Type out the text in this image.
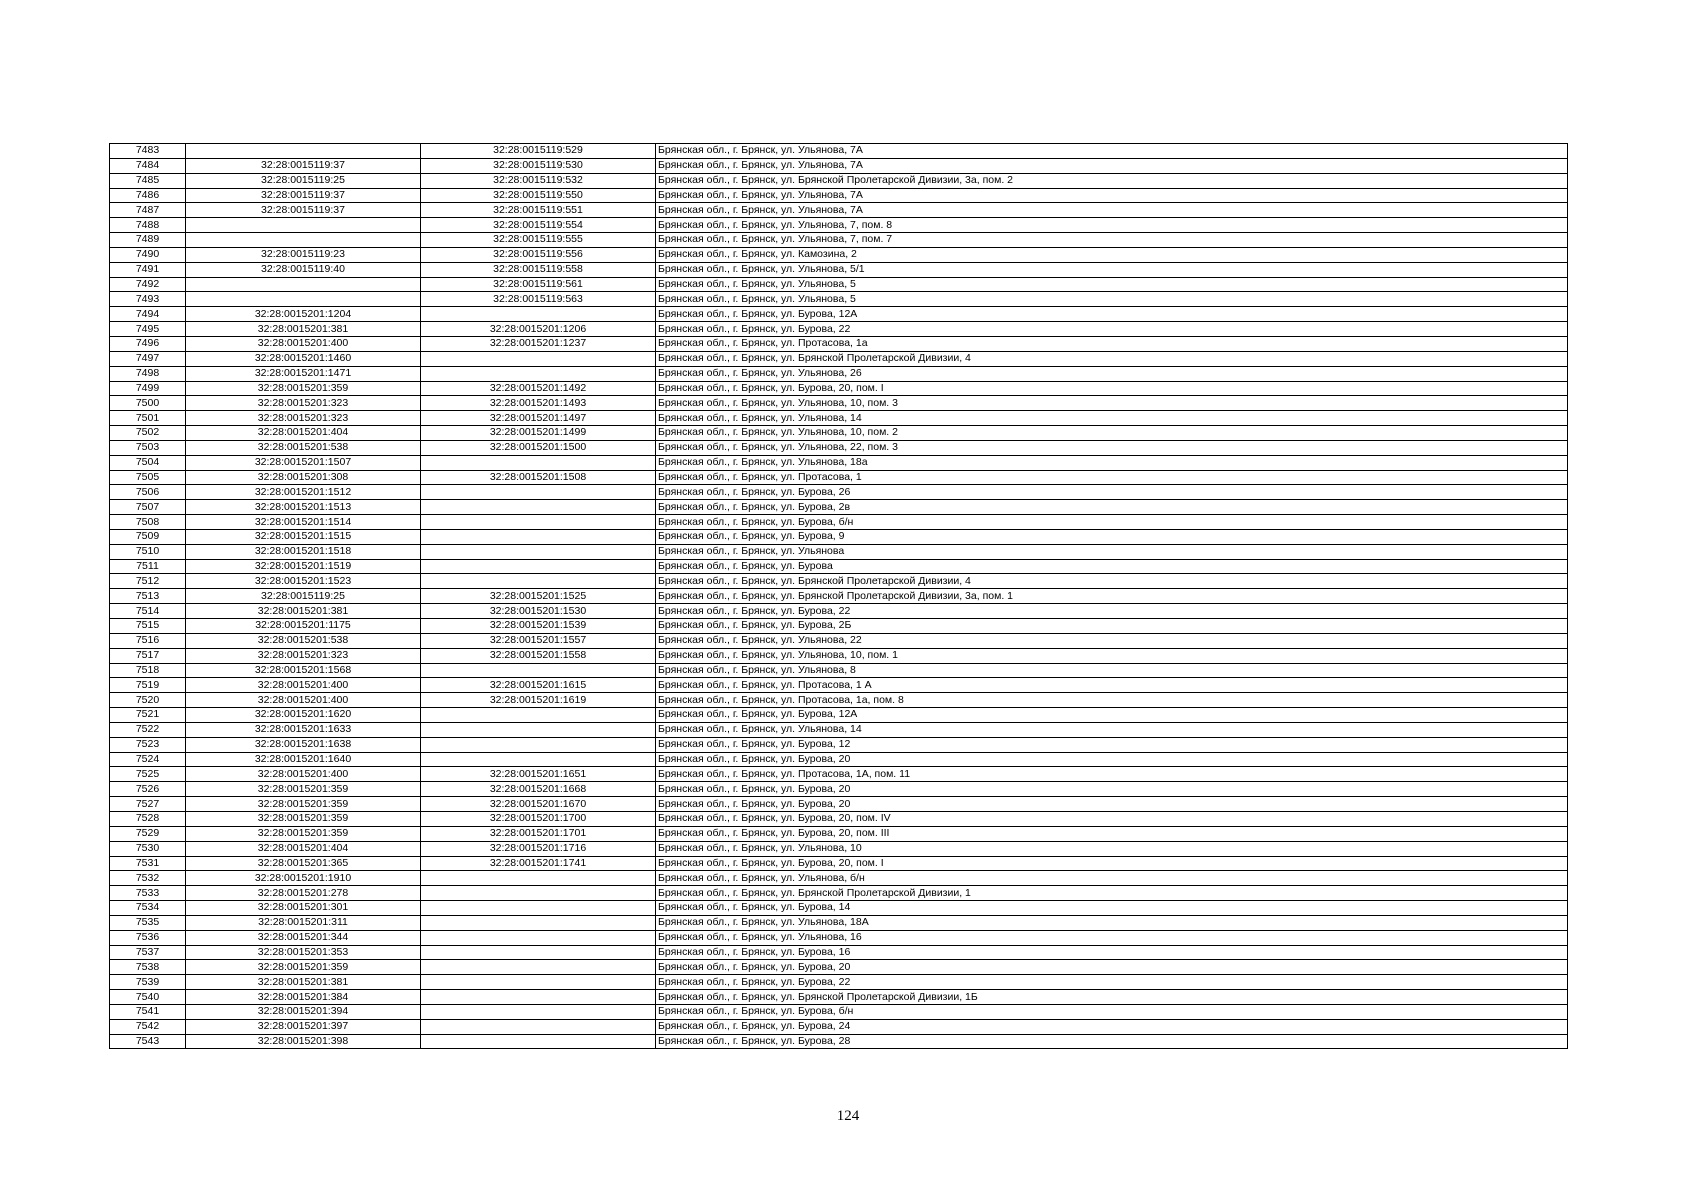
7483		32:28:0015119:529	Брянская обл., г. Брянск, ул. Ульянова, 7А
7484	32:28:0015119:37	32:28:0015119:530	Брянская обл., г. Брянск, ул. Ульянова, 7А
7485	32:28:0015119:25	32:28:0015119:532	Брянская обл., г. Брянск, ул. Брянской Пролетарской Дивизии, 3а, пом. 2
7486	32:28:0015119:37	32:28:0015119:550	Брянская обл., г. Брянск, ул. Ульянова, 7А
7487	32:28:0015119:37	32:28:0015119:551	Брянская обл., г. Брянск, ул. Ульянова, 7А
7488		32:28:0015119:554	Брянская обл., г. Брянск, ул. Ульянова, 7, пом. 8
7489		32:28:0015119:555	Брянская обл., г. Брянск, ул. Ульянова, 7, пом. 7
7490	32:28:0015119:23	32:28:0015119:556	Брянская обл., г. Брянск, ул. Камозина, 2
7491	32:28:0015119:40	32:28:0015119:558	Брянская обл., г. Брянск, ул. Ульянова, 5/1
7492		32:28:0015119:561	Брянская обл., г. Брянск, ул. Ульянова, 5
7493		32:28:0015119:563	Брянская обл., г. Брянск, ул. Ульянова, 5
7494	32:28:0015201:1204		Брянская обл., г. Брянск, ул. Бурова, 12А
7495	32:28:0015201:381	32:28:0015201:1206	Брянская обл., г. Брянск, ул. Бурова, 22
7496	32:28:0015201:400	32:28:0015201:1237	Брянская обл., г. Брянск, ул. Протасова, 1а
7497	32:28:0015201:1460		Брянская обл., г. Брянск, ул. Брянской Пролетарской Дивизии, 4
7498	32:28:0015201:1471		Брянская обл., г. Брянск, ул. Ульянова, 26
7499	32:28:0015201:359	32:28:0015201:1492	Брянская обл., г. Брянск, ул. Бурова, 20, пом. I
7500	32:28:0015201:323	32:28:0015201:1493	Брянская обл., г. Брянск, ул. Ульянова, 10, пом. 3
7501	32:28:0015201:323	32:28:0015201:1497	Брянская обл., г. Брянск, ул. Ульянова, 14
7502	32:28:0015201:404	32:28:0015201:1499	Брянская обл., г. Брянск, ул. Ульянова, 10, пом. 2
7503	32:28:0015201:538	32:28:0015201:1500	Брянская обл., г. Брянск, ул. Ульянова, 22, пом. 3
7504	32:28:0015201:1507		Брянская обл., г. Брянск, ул. Ульянова, 18а
7505	32:28:0015201:308	32:28:0015201:1508	Брянская обл., г. Брянск, ул. Протасова, 1
7506	32:28:0015201:1512		Брянская обл., г. Брянск, ул. Бурова, 26
7507	32:28:0015201:1513		Брянская обл., г. Брянск, ул. Бурова, 2в
7508	32:28:0015201:1514		Брянская обл., г. Брянск, ул. Бурова, б/н
7509	32:28:0015201:1515		Брянская обл., г. Брянск, ул. Бурова, 9
7510	32:28:0015201:1518		Брянская обл., г. Брянск, ул. Ульянова
7511	32:28:0015201:1519		Брянская обл., г. Брянск, ул. Бурова
7512	32:28:0015201:1523		Брянская обл., г. Брянск, ул. Брянской Пролетарской Дивизии, 4
7513	32:28:0015119:25	32:28:0015201:1525	Брянская обл., г. Брянск, ул. Брянской Пролетарской Дивизии, 3а, пом. 1
7514	32:28:0015201:381	32:28:0015201:1530	Брянская обл., г. Брянск, ул. Бурова, 22
7515	32:28:0015201:1175	32:28:0015201:1539	Брянская обл., г. Брянск, ул. Бурова, 2Б
7516	32:28:0015201:538	32:28:0015201:1557	Брянская обл., г. Брянск, ул. Ульянова, 22
7517	32:28:0015201:323	32:28:0015201:1558	Брянская обл., г. Брянск, ул. Ульянова, 10, пом. 1
7518	32:28:0015201:1568		Брянская обл., г. Брянск, ул. Ульянова, 8
7519	32:28:0015201:400	32:28:0015201:1615	Брянская обл., г. Брянск, ул. Протасова, 1 А
7520	32:28:0015201:400	32:28:0015201:1619	Брянская обл., г. Брянск, ул. Протасова, 1а, пом. 8
7521	32:28:0015201:1620		Брянская обл., г. Брянск, ул. Бурова, 12А
7522	32:28:0015201:1633		Брянская обл., г. Брянск, ул. Ульянова, 14
7523	32:28:0015201:1638		Брянская обл., г. Брянск, ул. Бурова, 12
7524	32:28:0015201:1640		Брянская обл., г. Брянск, ул. Бурова, 20
7525	32:28:0015201:400	32:28:0015201:1651	Брянская обл., г. Брянск, ул. Протасова, 1А, пом. 11
7526	32:28:0015201:359	32:28:0015201:1668	Брянская обл., г. Брянск, ул. Бурова, 20
7527	32:28:0015201:359	32:28:0015201:1670	Брянская обл., г. Брянск, ул. Бурова, 20
7528	32:28:0015201:359	32:28:0015201:1700	Брянская обл., г. Брянск, ул. Бурова, 20, пом. IV
7529	32:28:0015201:359	32:28:0015201:1701	Брянская обл., г. Брянск, ул. Бурова, 20, пом. III
7530	32:28:0015201:404	32:28:0015201:1716	Брянская обл., г. Брянск, ул. Ульянова, 10
7531	32:28:0015201:365	32:28:0015201:1741	Брянская обл., г. Брянск, ул. Бурова, 20, пом. I
7532	32:28:0015201:1910		Брянская обл., г. Брянск, ул. Ульянова, б/н
7533	32:28:0015201:278		Брянская обл., г. Брянск, ул. Брянской Пролетарской Дивизии, 1
7534	32:28:0015201:301		Брянская обл., г. Брянск, ул. Бурова, 14
7535	32:28:0015201:311		Брянская обл., г. Брянск, ул. Ульянова, 18А
7536	32:28:0015201:344		Брянская обл., г. Брянск, ул. Ульянова, 16
7537	32:28:0015201:353		Брянская обл., г. Брянск, ул. Бурова, 16
7538	32:28:0015201:359		Брянская обл., г. Брянск, ул. Бурова, 20
7539	32:28:0015201:381		Брянская обл., г. Брянск, ул. Бурова, 22
7540	32:28:0015201:384		Брянская обл., г. Брянск, ул. Брянской Пролетарской Дивизии, 1Б
7541	32:28:0015201:394		Брянская обл., г. Брянск, ул. Бурова, б/н
7542	32:28:0015201:397		Брянская обл., г. Брянск, ул. Бурова, 24
7543	32:28:0015201:398		Брянская обл., г. Брянск, ул. Бурова, 28
124
